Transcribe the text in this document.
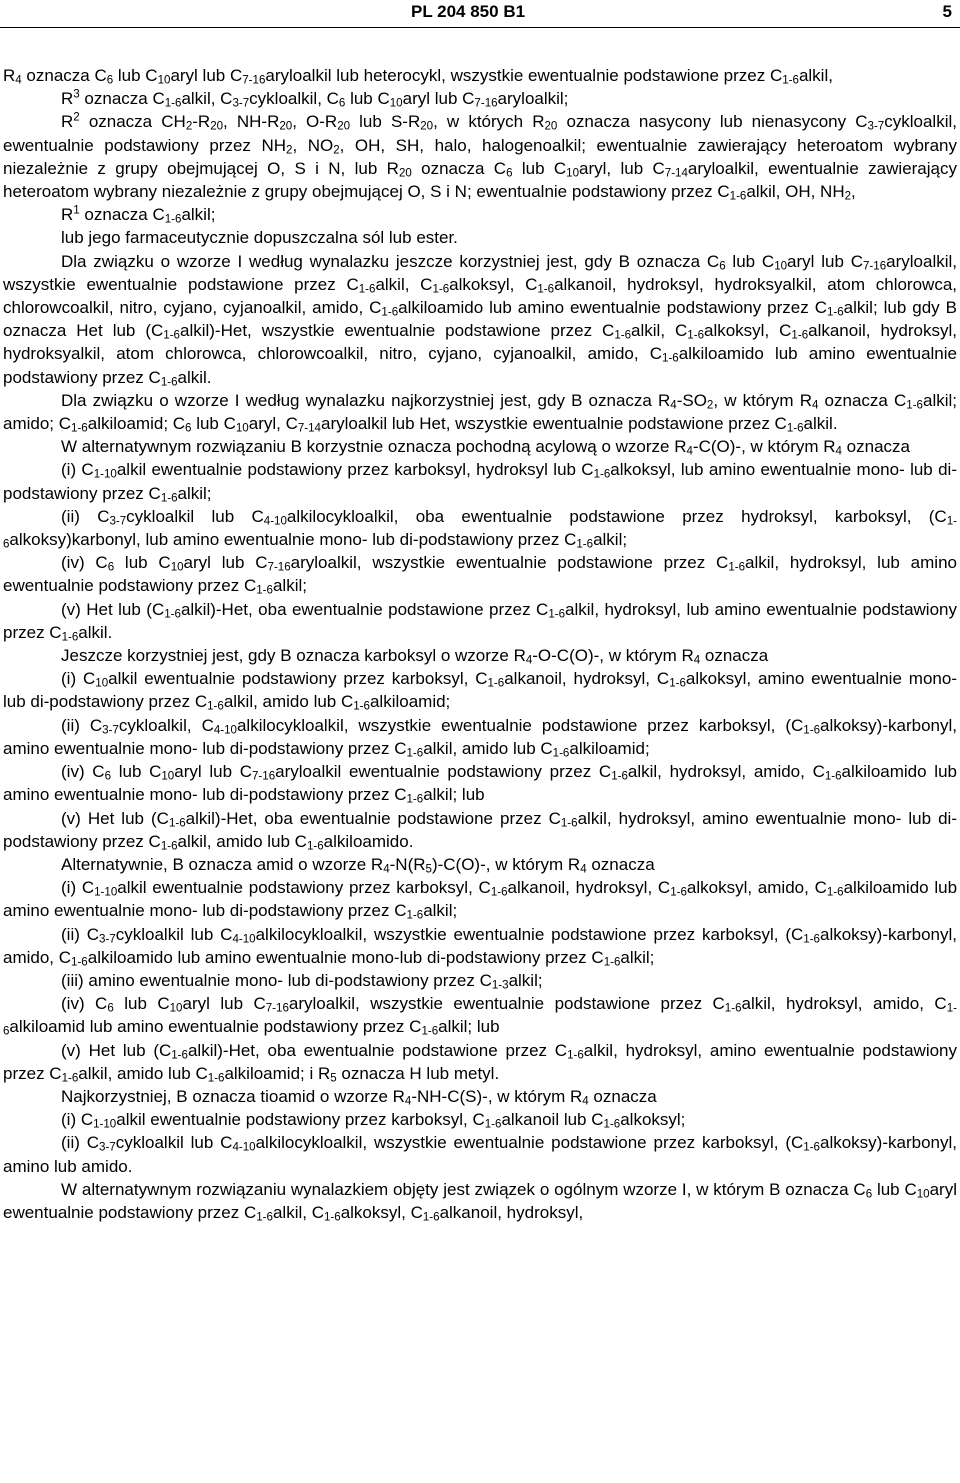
PL 204 850 B1	5

$R_4$ oznacza $C_6$ lub $C_{10}aryl$ lub $C_{7-16}aryloalkil$ lub heterocykl, wszystkie ewentualnie podstawione przez $C_{1-6}alkil$,

$R^3$ oznacza $C_{1-6}alkil$, $C_{3-7}cykloalkil$, $C_6$ lub $C_{10}aryl$ lub $C_{7-16}aryloalkil$;

$R^2$ oznacza $CH_2-R_{20}$, $NH-R_{20}$, $O-R_{20}$ lub $S-R_{20}$, w których $R_{20}$ oznacza nasycony lub nienasycony $C_{3-7}cykloalkil$, ewentualnie podstawiony przez $NH_2$, $NO_2$, OH, SH, halo, halogenoalkil; ewentualnie zawierający heteroatom wybrany niezależnie z grupy obejmującej O, S i N, lub $R_{20}$ oznacza $C_6$ lub $C_{10}aryl$, lub $C_{7-14}aryloalkil$, ewentualnie zawierający heteroatom wybrany niezależnie z grupy obejmującej O, S i N; ewentualnie podstawiony przez $C_{1-6}alkil$, OH, $NH_2$,

$R^1$ oznacza $C_{1-6}alkil$;

lub jego farmaceutycznie dopuszczalna sól lub ester.

Dla związku o wzorze I według wynalazku jeszcze korzystniej jest, gdy B oznacza $C_6$ lub $C_{10}aryl$ lub $C_{7-16}aryloalkil$, wszystkie ewentualnie podstawione przez $C_{1-6}alkil$, $C_{1-6}alkoksyl$, $C_{1-6}alkanoil$, hydroksyl, hydroksyalkil, atom chlorowca, chlorowcoalkil, nitro, cyjano, cyjanoalkil, amido, $C_{1-6}alkiloamido$ lub amino ewentualnie podstawiony przez $C_{1-6}alkil$; lub gdy B oznacza Het lub $(C_{1-6}alkil)$-Het, wszystkie ewentualnie podstawione przez $C_{1-6}alkil$, $C_{1-6}alkoksyl$, $C_{1-6}alkanoil$, hydroksyl, hydroksyalkil, atom chlorowca, chlorowcoalkil, nitro, cyjano, cyjanoalkil, amido, $C_{1-6}alkiloamido$ lub amino ewentualnie podstawiony przez $C_{1-6}alkil$.

Dla związku o wzorze I według wynalazku najkorzystniej jest, gdy B oznacza $R_4-SO_2$, w którym $R_4$ oznacza $C_{1-6}alkil$; amido; $C_{1-6}alkiloamid$; $C_6$ lub $C_{10}aryl$, $C_{7-14}aryloalkil$ lub Het, wszystkie ewentualnie podstawione przez $C_{1-6}alkil$.

W alternatywnym rozwiązaniu B korzystnie oznacza pochodną acylową o wzorze $R_4-C(O)-$, w którym $R_4$ oznacza

(i) $C_{1-10}alkil$ ewentualnie podstawiony przez karboksyl, hydroksyl lub $C_{1-6}alkoksyl$, lub amino ewentualnie mono- lub di-podstawiony przez $C_{1-6}alkil$;

(ii) $C_{3-7}cykloalkil$ lub $C_{4-10}alkilocykloalkil$, oba ewentualnie podstawione przez hydroksyl, karboksyl, $(C_{1-6}alkoksy)karbonyl$, lub amino ewentualnie mono- lub di-podstawiony przez $C_{1-6}alkil$;

(iv) $C_6$ lub $C_{10}aryl$ lub $C_{7-16}aryloalkil$, wszystkie ewentualnie podstawione przez $C_{1-6}alkil$, hydroksyl, lub amino ewentualnie podstawiony przez $C_{1-6}alkil$;

(v) Het lub $(C_{1-6}alkil)$-Het, oba ewentualnie podstawione przez $C_{1-6}alkil$, hydroksyl, lub amino ewentualnie podstawiony przez $C_{1-6}alkil$.

Jeszcze korzystniej jest, gdy B oznacza karboksyl o wzorze $R_4-O-C(O)-$, w którym $R_4$ oznacza

(i) $C_{10}alkil$ ewentualnie podstawiony przez karboksyl, $C_{1-6}alkanoil$, hydroksyl, $C_{1-6}alkoksyl$, amino ewentualnie mono- lub di-podstawiony przez $C_{1-6}alkil$, amido lub $C_{1-6}alkiloamid$;

(ii) $C_{3-7}cykloalkil$, $C_{4-10}alkilocykloalkil$, wszystkie ewentualnie podstawione przez karboksyl, $(C_{1-6}alkoksy)$-karbonyl, amino ewentualnie mono- lub di-podstawiony przez $C_{1-6}alkil$, amido lub $C_{1-6}alkiloamid$;

(iv) $C_6$ lub $C_{10}aryl$ lub $C_{7-16}aryloalkil$ ewentualnie podstawiony przez $C_{1-6}alkil$, hydroksyl, amido, $C_{1-6}alkiloamido$ lub amino ewentualnie mono- lub di-podstawiony przez $C_{1-6}alkil$; lub

(v) Het lub $(C_{1-6}alkil)$-Het, oba ewentualnie podstawione przez $C_{1-6}alkil$, hydroksyl, amino ewentualnie mono- lub di-podstawiony przez $C_{1-6}alkil$, amido lub $C_{1-6}alkiloamido$.

Alternatywnie, B oznacza amid o wzorze $R_4-N(R_5)-C(O)-$, w którym $R_4$ oznacza

(i) $C_{1-10}alkil$ ewentualnie podstawiony przez karboksyl, $C_{1-6}alkanoil$, hydroksyl, $C_{1-6}alkoksyl$, amido, $C_{1-6}alkiloamido$ lub amino ewentualnie mono- lub di-podstawiony przez $C_{1-6}alkil$;

(ii) $C_{3-7}cykloalkil$ lub $C_{4-10}alkilocykloalkil$, wszystkie ewentualnie podstawione przez karboksyl, $(C_{1-6}alkoksy)$-karbonyl, amido, $C_{1-6}alkiloamido$ lub amino ewentualnie mono-lub di-podstawiony przez $C_{1-6}alkil$;

(iii) amino ewentualnie mono- lub di-podstawiony przez $C_{1-3}alkil$;

(iv) $C_6$ lub $C_{10}aryl$ lub $C_{7-16}aryloalkil$, wszystkie ewentualnie podstawione przez $C_{1-6}alkil$, hydroksyl, amido, $C_{1-6}alkiloamid$ lub amino ewentualnie podstawiony przez $C_{1-6}alkil$; lub

(v) Het lub $(C_{1-6}alkil)$-Het, oba ewentualnie podstawione przez $C_{1-6}alkil$, hydroksyl, amino ewentualnie podstawiony przez $C_{1-6}alkil$, amido lub $C_{1-6}alkiloamid$; i $R_5$ oznacza H lub metyl.

Najkorzystniej, B oznacza tioamid o wzorze $R_4-NH-C(S)-$, w którym $R_4$ oznacza

(i) $C_{1-10}alkil$ ewentualnie podstawiony przez karboksyl, $C_{1-6}alkanoil$ lub $C_{1-6}alkoksyl$;

(ii) $C_{3-7}cykloalkil$ lub $C_{4-10}alkilocykloalkil$, wszystkie ewentualnie podstawione przez karboksyl, $(C_{1-6}alkoksy)$-karbonyl, amino lub amido.

W alternatywnym rozwiązaniu wynalazkiem objęty jest związek o ogólnym wzorze I, w którym B oznacza $C_6$ lub $C_{10}aryl$ ewentualnie podstawiony przez $C_{1-6}alkil$, $C_{1-6}alkoksyl$, $C_{1-6}alkanoil$, hydroksyl,
